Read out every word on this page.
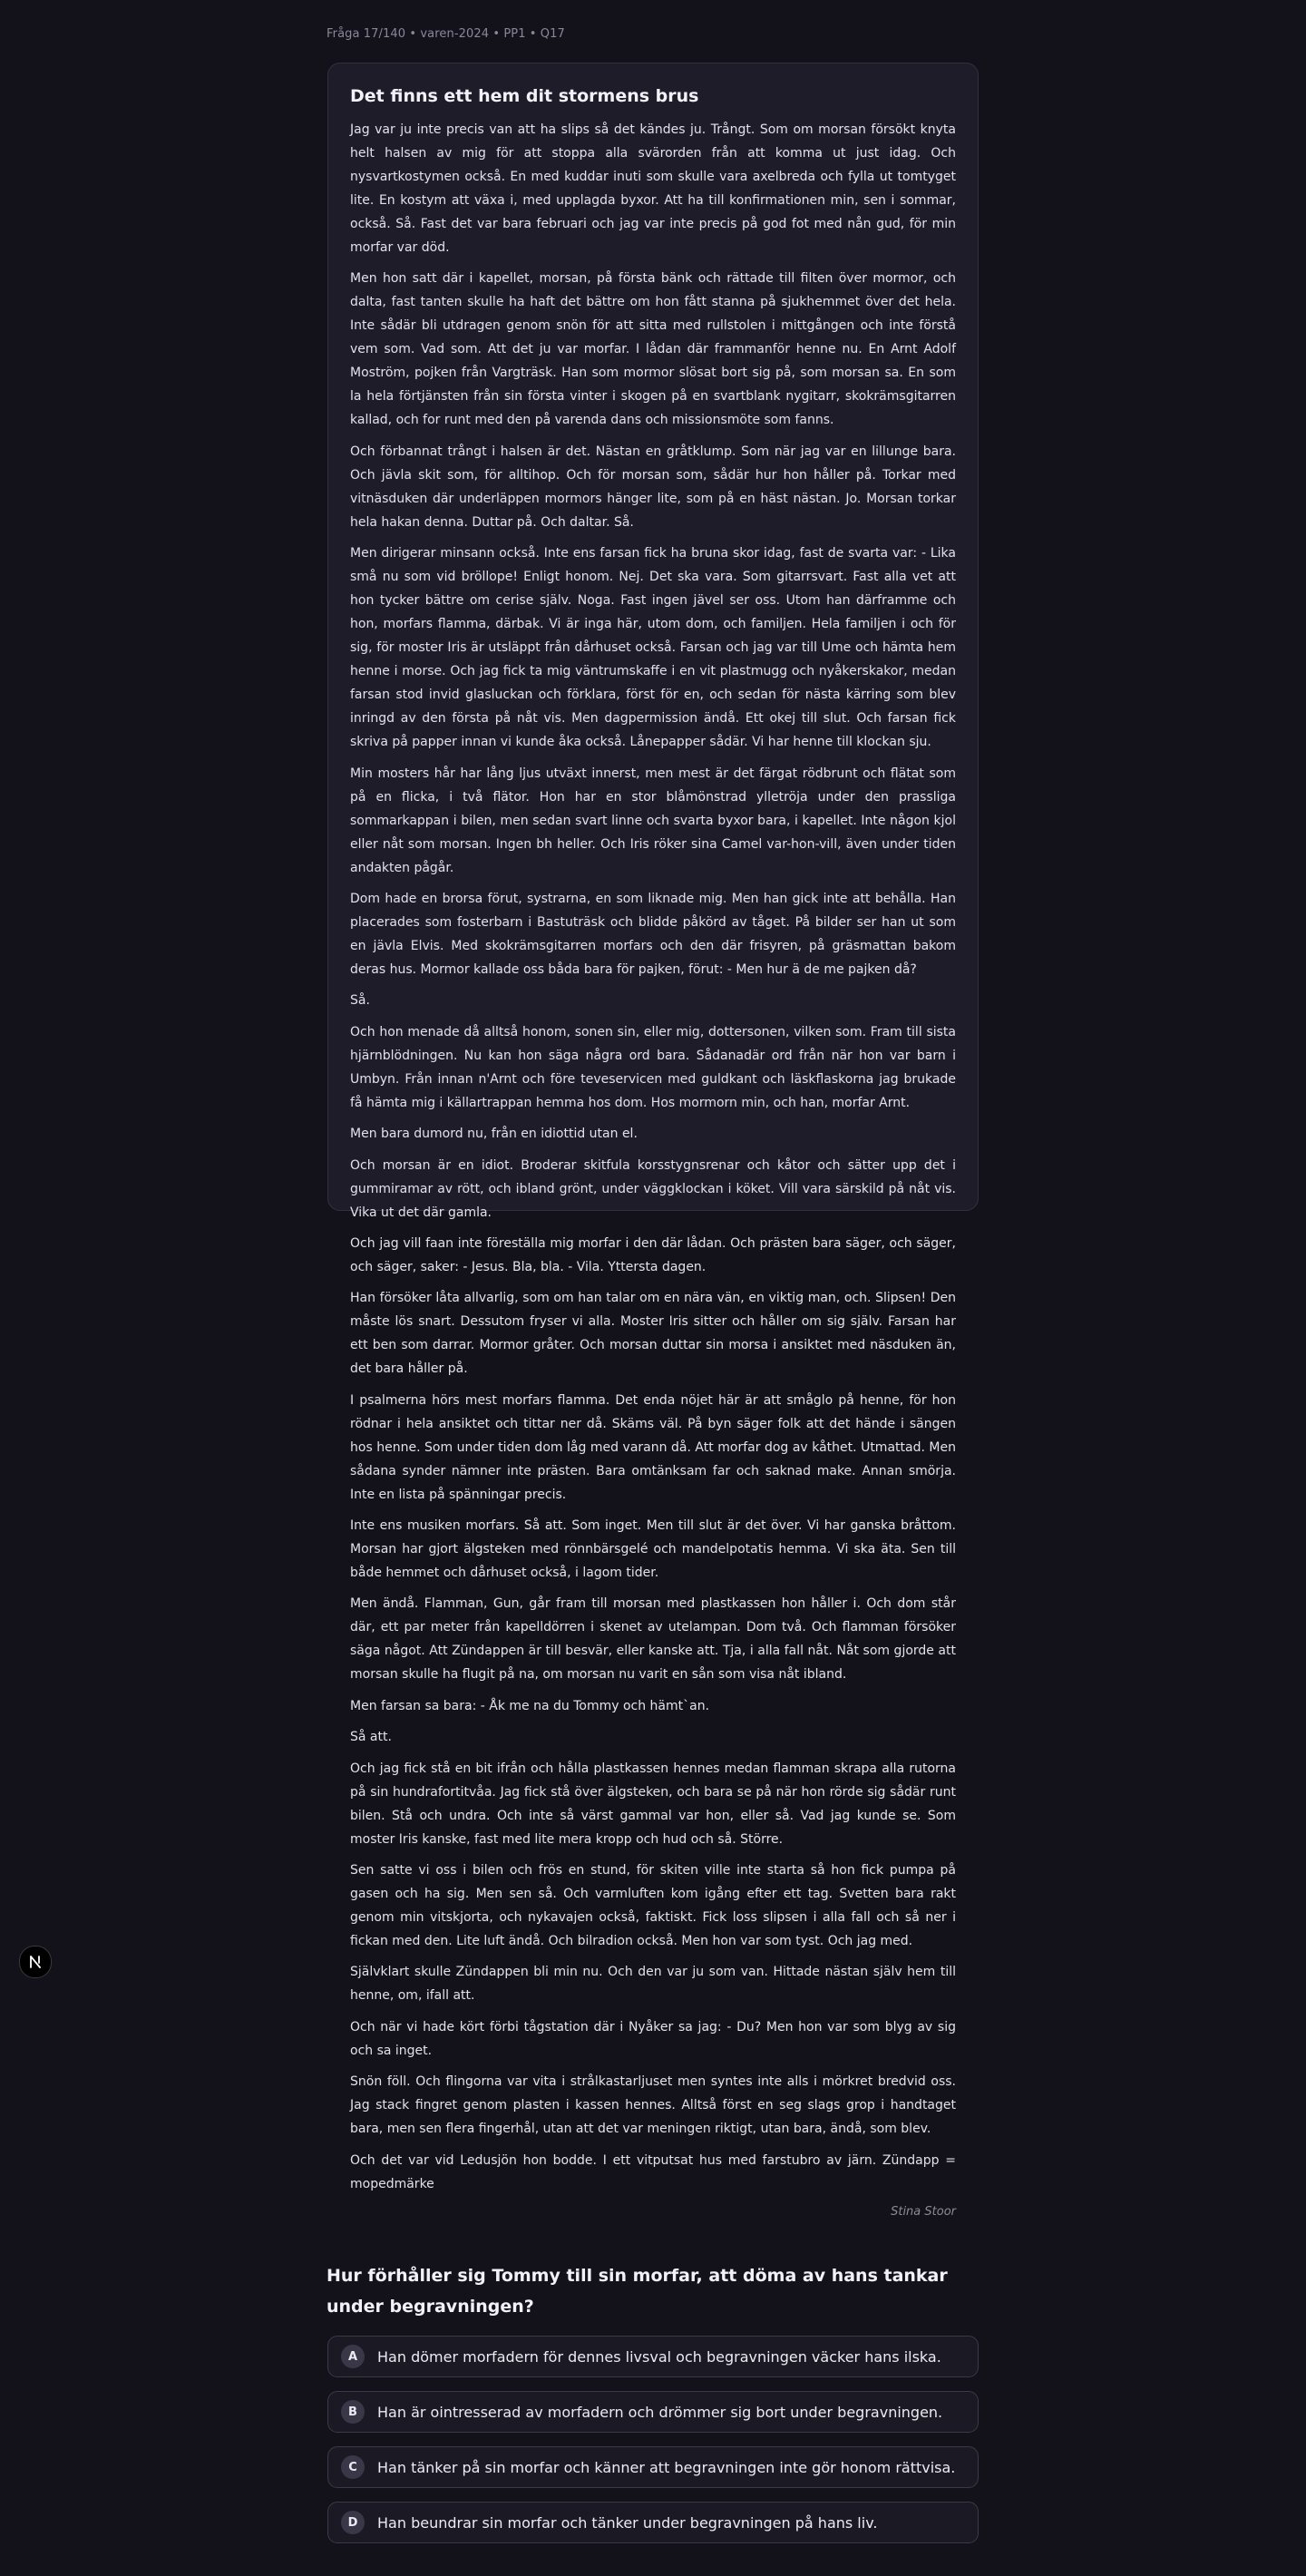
Fråga 17/140 • varen-2024 • PP1 • Q17
Det finns ett hem dit stormens brus

Jag var ju inte precis van att ha slips så det kändes ju. Trångt. Som om morsan försökt knyta helt halsen av mig för att stoppa alla svärorden från att komma ut just idag. Och nysvartkostymen också. En med kuddar inuti som skulle vara axelbreda och fylla ut tomtyget lite. En kostym att växa i, med upplagda byxor. Att ha till konfirmationen min, sen i sommar, också. Så. Fast det var bara februari och jag var inte precis på god fot med nån gud, för min morfar var död.

Men hon satt där i kapellet, morsan, på första bänk och rättade till filten över mormor, och dalta, fast tanten skulle ha haft det bättre om hon fått stanna på sjukhemmet över det hela. Inte sådär bli utdragen genom snön för att sitta med rullstolen i mittgången och inte förstå vem som. Vad som. Att det ju var morfar. I lådan där frammanför henne nu. En Arnt Adolf Moström, pojken från Vargträsk. Han som mormor slösat bort sig på, som morsan sa. En som la hela förtjänsten från sin första vinter i skogen på en svartblank nygitarr, skokrämsgitarren kallad, och for runt med den på varenda dans och missionsmöte som fanns.

Och förbannat trångt i halsen är det. Nästan en gråtklump. Som när jag var en lillunge bara. Och jävla skit som, för alltihop. Och för morsan som, sådär hur hon håller på. Torkar med vitnäsduken där underläppen mormors hänger lite, som på en häst nästan. Jo. Morsan torkar hela hakan denna. Duttar på. Och daltar. Så.

Men dirigerar minsann också. Inte ens farsan fick ha bruna skor idag, fast de svarta var: - Lika små nu som vid bröllope! Enligt honom. Nej. Det ska vara. Som gitarrsvart. Fast alla vet att hon tycker bättre om cerise själv. Noga. Fast ingen jävel ser oss. Utom han därframme och hon, morfars flamma, därbak. Vi är inga här, utom dom, och familjen. Hela familjen i och för sig, för moster Iris är utsläppt från dårhuset också. Farsan och jag var till Ume och hämta hem henne i morse. Och jag fick ta mig väntrumskaffe i en vit plastmugg och nyåkerskakor, medan farsan stod invid glasluckan och förklara, först för en, och sedan för nästa kärring som blev inringd av den första på nåt vis. Men dagpermission ändå. Ett okej till slut. Och farsan fick skriva på papper innan vi kunde åka också. Lånepapper sådär. Vi har henne till klockan sju.

Min mosters hår har lång ljus utväxt innerst, men mest är det färgat rödbrunt och flätat som på en flicka, i två flätor. Hon har en stor blåmönstrad ylletröja under den prassliga sommarkappan i bilen, men sedan svart linne och svarta byxor bara, i kapellet. Inte någon kjol eller nåt som morsan. Ingen bh heller. Och Iris röker sina Camel var-hon-vill, även under tiden andakten pågår.

Dom hade en brorsa förut, systrarna, en som liknade mig. Men han gick inte att behålla. Han placerades som fosterbarn i Bastuträsk och blidde påkörd av tåget. På bilder ser han ut som en jävla Elvis. Med skokrämsgitarren morfars och den där frisyren, på gräsmattan bakom deras hus. Mormor kallade oss båda bara för pajken, förut: - Men hur ä de me pajken då?

Så.

Och hon menade då alltså honom, sonen sin, eller mig, dottersonen, vilken som. Fram till sista hjärnblödningen. Nu kan hon säga några ord bara. Sådanadär ord från när hon var barn i Umbyn. Från innan n'Arnt och före teveservicen med guldkant och läskflaskorna jag brukade få hämta mig i källartrappan hemma hos dom. Hos mormorn min, och han, morfar Arnt.

Men bara dumord nu, från en idiottid utan el.

Och morsan är en idiot. Broderar skitfula korsstygnsrenar och kåtor och sätter upp det i gummiramar av rött, och ibland grönt, under väggklockan i köket. Vill vara särskild på nåt vis. Vika ut det där gamla.

Och jag vill faan inte föreställa mig morfar i den där lådan. Och prästen bara säger, och säger, och säger, saker: - Jesus. Bla, bla. - Vila. Yttersta dagen.

Han försöker låta allvarlig, som om han talar om en nära vän, en viktig man, och. Slipsen! Den måste lös snart. Dessutom fryser vi alla. Moster Iris sitter och håller om sig själv. Farsan har ett ben som darrar. Mormor gråter. Och morsan duttar sin morsa i ansiktet med näsduken än, det bara håller på.

I psalmerna hörs mest morfars flamma. Det enda nöjet här är att småglo på henne, för hon rödnar i hela ansiktet och tittar ner då. Skäms väl. På byn säger folk att det hände i sängen hos henne. Som under tiden dom låg med varann då. Att morfar dog av kåthet. Utmattad. Men sådana synder nämner inte prästen. Bara omtänksam far och saknad make. Annan smörja. Inte en lista på spänningar precis.

Inte ens musiken morfars. Så att. Som inget. Men till slut är det över. Vi har ganska bråttom. Morsan har gjort älgsteken med rönnbärsgelé och mandelpotatis hemma. Vi ska äta. Sen till både hemmet och dårhuset också, i lagom tider.

Men ändå. Flamman, Gun, går fram till morsan med plastkassen hon håller i. Och dom står där, ett par meter från kapelldörren i skenet av utelampan. Dom två. Och flamman försöker säga något. Att Zündappen är till besvär, eller kanske att. Tja, i alla fall nåt. Nåt som gjorde att morsan skulle ha flugit på na, om morsan nu varit en sån som visa nåt ibland.

Men farsan sa bara: - Åk me na du Tommy och hämt`an.

Så att.

Och jag fick stå en bit ifrån och hålla plastkassen hennes medan flamman skrapa alla rutorna på sin hundrafortitvåa. Jag fick stå över älgsteken, och bara se på när hon rörde sig sådär runt bilen. Stå och undra. Och inte så värst gammal var hon, eller så. Vad jag kunde se. Som moster Iris kanske, fast med lite mera kropp och hud och så. Större.

Sen satte vi oss i bilen och frös en stund, för skiten ville inte starta så hon fick pumpa på gasen och ha sig. Men sen så. Och varmluften kom igång efter ett tag. Svetten bara rakt genom min vitskjorta, och nykavajen också, faktiskt. Fick loss slipsen i alla fall och så ner i fickan med den. Lite luft ändå. Och bilradion också. Men hon var som tyst. Och jag med.

Självklart skulle Zündappen bli min nu. Och den var ju som van. Hittade nästan själv hem till henne, om, ifall att.

Och när vi hade kört förbi tågstation där i Nyåker sa jag: - Du? Men hon var som blyg av sig och sa inget.

Snön föll. Och flingorna var vita i strålkastarljuset men syntes inte alls i mörkret bredvid oss. Jag stack fingret genom plasten i kassen hennes. Alltså först en seg slags grop i handtaget bara, men sen flera fingerhål, utan att det var meningen riktigt, utan bara, ändå, som blev.

Och det var vid Ledusjön hon bodde. I ett vitputsat hus med farstubro av järn. Zündapp = mopedmärke

Stina Stoor
Hur förhåller sig Tommy till sin morfar, att döma av hans tankar under begravningen?
A	Han dömer morfadern för dennes livsval och begravningen väcker hans ilska.
B	Han är ointresserad av morfadern och drömmer sig bort under begravningen.
C	Han tänker på sin morfar och känner att begravningen inte gör honom rättvisa.
D	Han beundrar sin morfar och tänker under begravningen på hans liv.
